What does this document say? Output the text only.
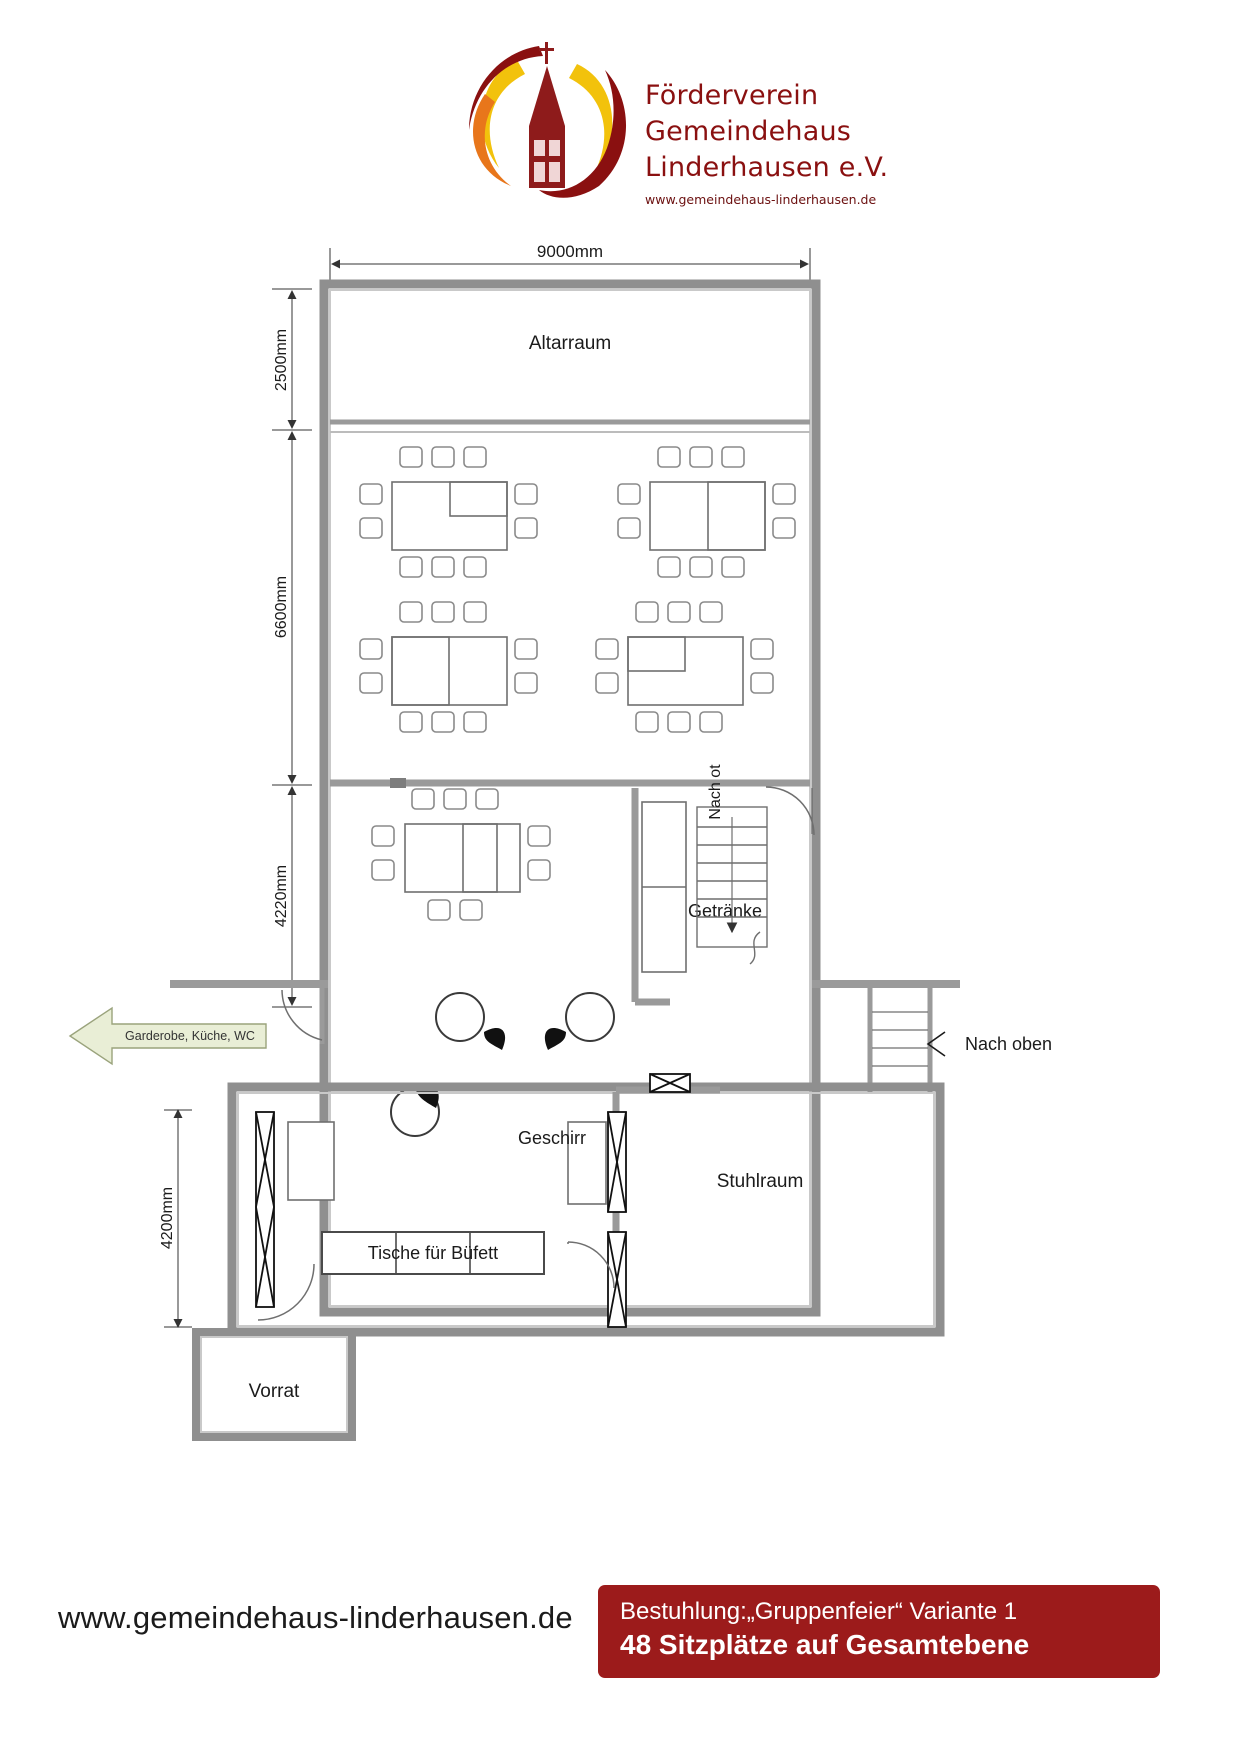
Förderverein
Gemeindehaus
Linderhausen e.V.
www.gemeindehaus-linderhausen.de
9000mm
2500mm
6600mm
4220mm
4200mm
Altarraum
Getränke
Nach ot
Garderobe, Küche, WC	Nach oben
Geschirr
Stuhlraum
Tische für Büfett
Vorrat
www.gemeindehaus-linderhausen.de Bestuhlung:„Gruppenfeier“ Variante 1
48 Sitzplätze auf Gesamtebene
